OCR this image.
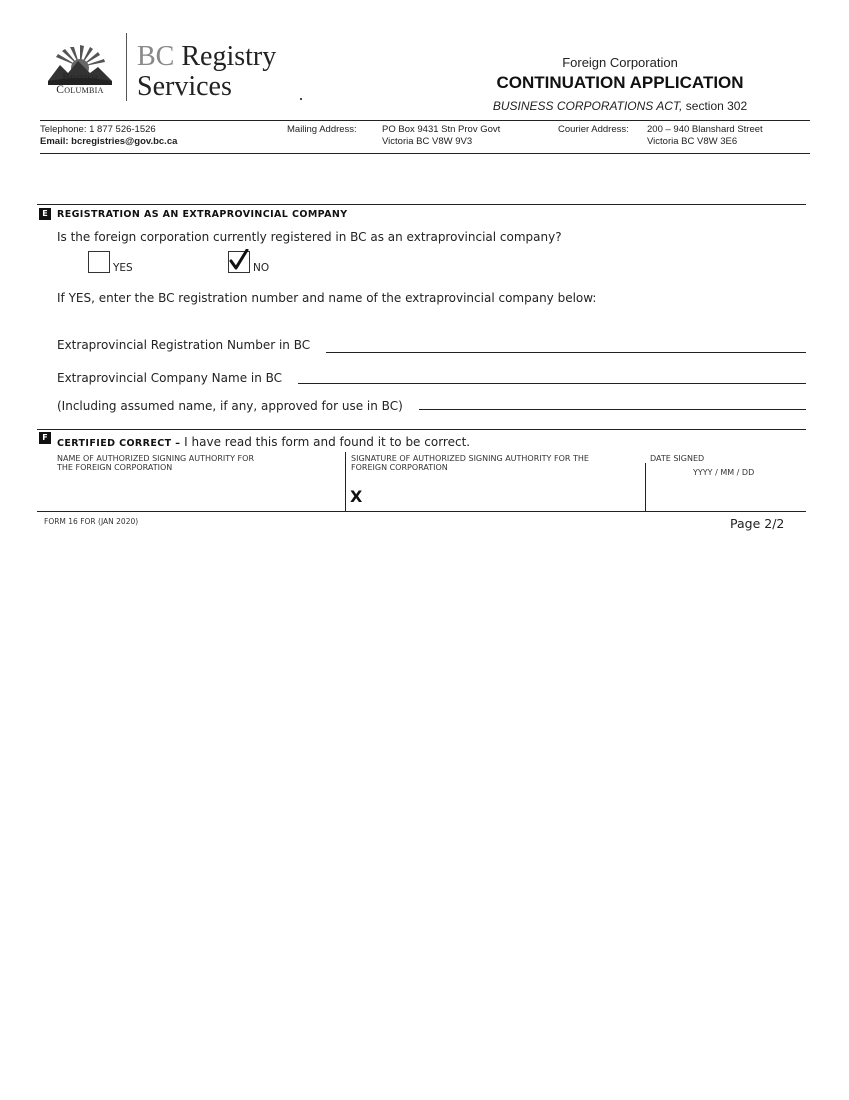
British
Columbia
BC Registry
Services
Foreign Corporation
CONTINUATION APPLICATION
BUSINESS CORPORATIONS ACT, section 302
Telephone: 1 877 526-1526
Email: bcregistries@gov.bc.ca
Mailing Address:	PO Box 9431 Stn Prov Govt
Victoria BC V8W 9V3
Courier Address: 200 – 940 Blanshard Street
Victoria BC V8W 3E6
E REGISTRATION AS AN EXTRAPROVINCIAL COMPANY
Is the foreign corporation currently registered in BC as an extraprovincial company?
YES	NO
If YES, enter the BC registration number and name of the extraprovincial company below:
Extraprovincial Registration Number in BC
Extraprovincial Company Name in BC
(Including assumed name, if any, approved for use in BC)
F
CERTIFIED CORRECT – I have read this form and found it to be correct.
NAME OF AUTHORIZED SIGNING AUTHORITY FOR
THE FOREIGN CORPORATION
SIGNATURE OF AUTHORIZED SIGNING AUTHORITY FOR THE
FOREIGN CORPORATION
X
DATE SIGNED
YYYY / MM / DD
FORM 16 FOR (JAN 2020)	Page 2/2
